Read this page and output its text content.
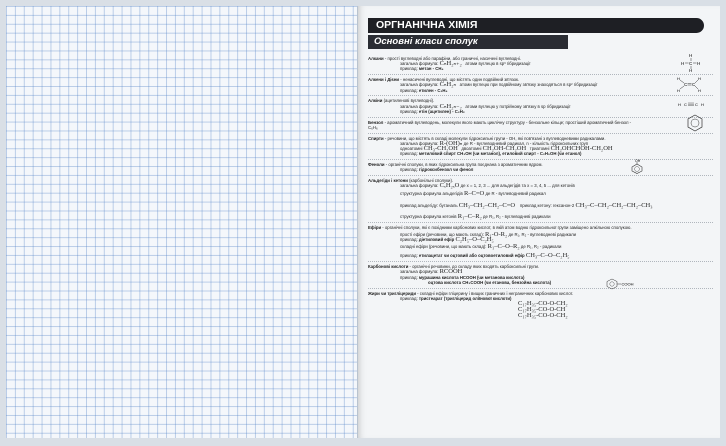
ОРГНАНІЧНА ХІМІЯ
Основні класи сполук
Алкани - прості вуглеводні або парафіни, або граничні, насичені вуглеводні.
загальна формула: CₙH₂ₙ₊₂ атоми вуглецю в sp³ гібридизації
приклад: метан - CH₄
H
H
H	H
C
Алкени і Дієни - ненасичені вуглеводні, що містять один подвійний зв'язок.
загальна формула: CₙH₂ₙ атоми вуглецю при подвійному зв'язку знаходяться в sp² гібридизації
приклад: етилен - C₂H₄
H	H
H	H
C C
Алкіни (ацетиленові вуглеводні).
загальна формула: CₙH₂ₙ₋₂ атоми вуглецю у потрійному зв'язку в sp гібридизації
приклад: етін (ацетилен) - C₂H₂
H C C H
Бензол - ароматичний вуглеводень, молекули якого мають циклічну структуру - бензольне кільце; простіший ароматичний бензол - C₆H₆
Спирти - речовини, що містять в складі молекули гідроксильні групи - OH, які пов'язані з вуглеводневими радикалами.
загальна формула: R-(OH)ₙ де R - вуглеводневий радикал, n - кількість гідроксильних груп
одноатомні CH₃-CH₂OH двоатомні CH₂OH-CH₂OH триатомні CH₂OHCHOH-CH₂OH
приклад: метиловий спирт CH₃OH (чи метанол), етиловий спирт - C₂H₅OH (чи етанол)
Феноли - органічні сполуки, в яких гідроксильна група поєднана з ароматичним ядром.
приклад: гідроксибензол чи фенол
OH
Альдегіди і кетони (карбонільні сполуки).
загальна формула: CₓH₂ₓO де x = 1, 2, 3 ... для альдегідів та x = 3, 4, 5 ... для кетонів
структурна формула альдегідів R–C=O де R - вуглеводневий радикал
приклад альдегіду: бутаналь CH₃–CH₂–CH₂–C=O приклад кетону: гексанон-2 CH₃–C–CH₂–CH₂–CH₂–CH₃
структурна формула кетонів R₁–C–R₂ де R₁, R₂ - вуглеводневі радикали
Ефіри - органічні сполуки, які є похідними карбонових кислот, в якій атом водню гідроксильної групи заміщено алкільною сполукою.
прості ефіри (речовини, що мають склад): R₁-O-R₂ де R₁, R₂ - вуглеводневі радикали
приклад: діетиловий ефір C₂H₅–O–C₂H₅
складні ефіри (речовини, що мають склад): R₁–C–O–R₂ де R₁, R₂ - радикали
приклад: етилацетат чи оцтовий або оцтовоетиловий ефір CH₃–C–O–C₂H₅
Карбонові кислоти - органічні речовини, до складу яких входять карбоксильні групи.
загальна формула: RCOOH
приклад: мурашина кислота HCOOH (чи метанова кислота)
оцтова кислота CH₃COOH (чи етанова, бензойна кислота)	COOH
Жири чи тригліцериди - складні ефіри гліцерину і вищих граничних і неграничних карбонових кислот.
приклад: тристеарат (тригліцерид оліїнової кислоти)
C₁₇H₃₅-CO-O-CH₂
C₁₇H₃₅-CO-O-CH
C₁₇H₃₅-CO-O-CH₂
